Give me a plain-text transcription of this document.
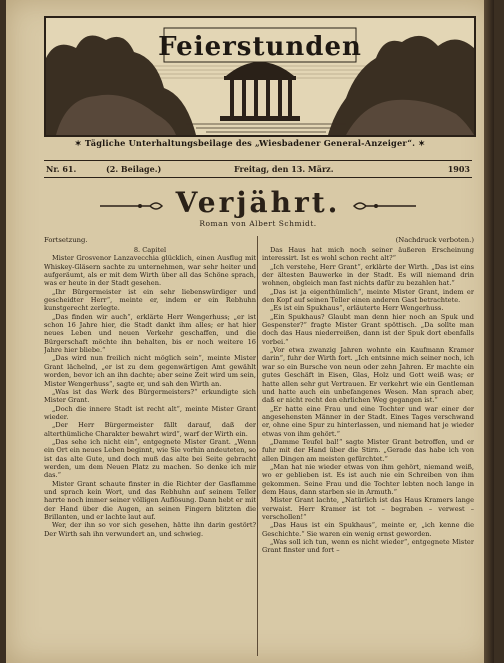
Feierstunden
✶ Tägliche Unterhaltungsbeilage des „Wiesbadener General-Anzeiger“. ✶
Nr. 61.	(2. Beilage.)	Freitag, den 13. März.	1903
Verjährt.
Roman von Albert Schmidt.
Fortsetzung.

8. Capitel

Mister Grosvenor Lanzavecchia glücklich, einen Ausflug mit Whiskey-Gläsern sachte zu unternehmen, war sehr heiter und aufgeräumt, als er mit dem Wirth über all das Schöne sprach, was er heute in der Stadt gesehen.

„Ihr Bürgermeister ist ein sehr liebenswürdiger und gescheidter Herr“, meinte er, indem er ein Rebhuhn kunstgerecht zerlegte.

„Das finden wir auch“, erklärte Herr Wengerhuss; „er ist schon 16 Jahre hier, die Stadt dankt ihm alles; er hat hier neues Leben und neuen Verkehr geschaffen, und die Bürgerschaft möchte ihn behalten, bis er noch weitere 16 Jahre hier bliebe.“

„Das wird nun freilich nicht möglich sein“, meinte Mister Grant lächelnd, „er ist zu dem gegenwärtigen Amt gewählt worden, bevor ich an ihn dachte; aber seine Zeit wird um sein, Mister Wengerhuss“, sagte er, und sah den Wirth an.

„Was ist das Werk des Bürgermeisters?“ erkundigte sich Mister Grant.

„Doch die innere Stadt ist recht alt“, meinte Mister Grant wieder.

„Der Herr Bürgermeister fällt darauf, daß der alterthümliche Charakter bewahrt wird“, warf der Wirth ein.

„Das sehe ich nicht ein“, entgegnete Mister Grant. „Wenn ein Ort ein neues Leben beginnt, wie Sie vorhin andeuteten, so ist das alte Gute, und doch muß das alte bei Seite gebracht werden, um dem Neuen Platz zu machen. So denke ich mir das.“

Mister Grant schaute finster in die Richter der Gasflamme und sprach kein Wort, und das Rebhuhn auf seinem Teller harrte noch immer seiner völligen Auflösung. Dann hebt er mit der Hand über die Augen, an seinen Fingern blitzten die Brillanten, und er lachte laut auf.

Wer, der ihn so vor sich gesehen, hätte ihn darin gestört? Der Wirth sah ihn verwundert an, und schwieg.

(Nachdruck verboten.)

Das Haus hat mich noch seiner äußeren Erscheinung interessirt. Ist es wohl schon recht alt?“

„Ich verstehe, Herr Grant“, erklärte der Wirth. „Das ist eins der ältesten Bauwerke in der Stadt. Es will niemand drin wohnen, obgleich man fast nichts dafür zu bezahlen hat.“

„Das ist ja eigenthümlich“, meinte Mister Grant, indem er den Kopf auf seinen Teller einen anderen Gast betrachtete.

„Es ist ein Spukhaus“, erläuterte Herr Wengerhuss.

„Ein Spukhaus? Glaubt man denn hier noch an Spuk und Gespenster?“ fragte Mister Grant spöttisch. „Da sollte man doch das Haus niederreißen, dann ist der Spuk dort ebenfalls vorbei.“

„Vor etwa zwanzig Jahren wohnte ein Kaufmann Kramer darin“, fuhr der Wirth fort. „Ich entsinne mich seiner noch, ich war so ein Bursche von neun oder zehn Jahren. Er machte ein gutes Geschäft in Eisen, Glas, Holz und Gott weiß was; er hatte allen sehr gut Vertrauen. Er verkehrt wie ein Gentleman und hatte auch ein unbefangenes Wesen. Man sprach aber, daß er nicht recht den ehrlichen Weg gegangen ist.“

„Er hatte eine Frau und eine Tochter und war einer der angesehensten Männer in der Stadt. Eines Tages verschwand er, ohne eine Spur zu hinterlassen, und niemand hat je wieder etwas von ihm gehört.“

„Damme Teufel bal!“ sagte Mister Grant betroffen, und er fuhr mit der Hand über die Stirn. „Gerade das habe ich von allen Dingen am meisten gefürchtet.“

„Man hat nie wieder etwas von ihm gehört, niemand weiß, wo er geblieben ist. Es ist auch nie ein Schreiben von ihm gekommen. Seine Frau und die Tochter lebten noch lange in dem Haus, dann starben sie in Armuth.“

Mister Grant lachte, „Natürlich ist das Haus Kramers lange verwaist. Herr Kramer ist tot – begraben – verwest – verschollen!“

„Das Haus ist ein Spukhaus“, meinte er, „ich kenne die Geschichte.“ Sie waren ein wenig ernst geworden.

„Was soll ich tun, wenn es nicht wieder“, entgegnete Mister Grant finster und fort –
